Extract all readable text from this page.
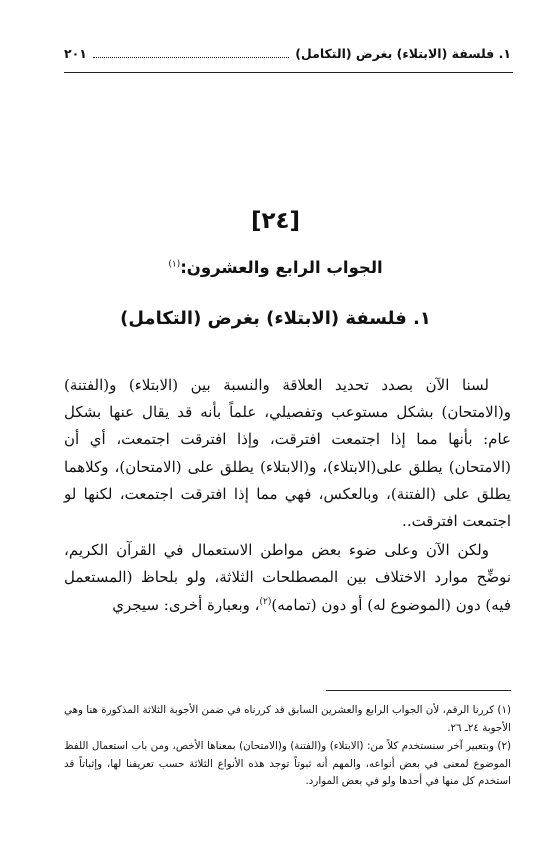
١. فلسفة (الابتلاء) بغرض (التكامل)
٢٠١
[٢٤]
الجواب الرابع والعشرون:$^{(١)}$
١. فلسفة (الابتلاء) بغرض (التكامل)

لسنا الآن بصدد تحديد العلاقة والنسبة بين (الابتلاء) و(الفتنة) و(الامتحان) بشكل مستوعب وتفصيلي، علماً بأنه قد يقال عنها بشكل عام: بأنها مما إذا اجتمعت افترقت، وإذا افترقت اجتمعت، أي أن (الامتحان) يطلق على(الابتلاء)، و(الابتلاء) يطلق على (الامتحان)، وكلاهما يطلق على (الفتنة)، وبالعكس، فهي مما إذا افترقت اجتمعت، لكنها لو اجتمعت افترقت..

ولكن الآن وعلى ضوء بعض مواطن الاستعمال في القرآن الكريم، نوضِّح موارد الاختلاف بين المصطلحات الثلاثة، ولو بلحاظ (المستعمل فيه) دون (الموضوع له) أو دون (تمامه)$^{(٢)}$، وبعبارة أخرى: سيجري

(١) كررنا الرقم، لأن الجواب الرابع والعشرين السابق قد كررناه في ضمن الأجوبة الثلاثة المذكورة هنا وهي الأجوبة ٢٤ـ ٢٦.

(٢) وبتعبير آخر سنستخدم كلاً من: (الابتلاء) و(الفتنة) و(الامتحان) بمعناها الأخص، ومن باب استعمال اللفظ الموضوع لمعنى في بعض أنواعه، والمهم أنه ثبوتاً توجد هذه الأنواع الثلاثة حسب تعريفنا لها، وإثباتاً قد استخدم كل منها في أحدها ولو في بعض الموارد.
